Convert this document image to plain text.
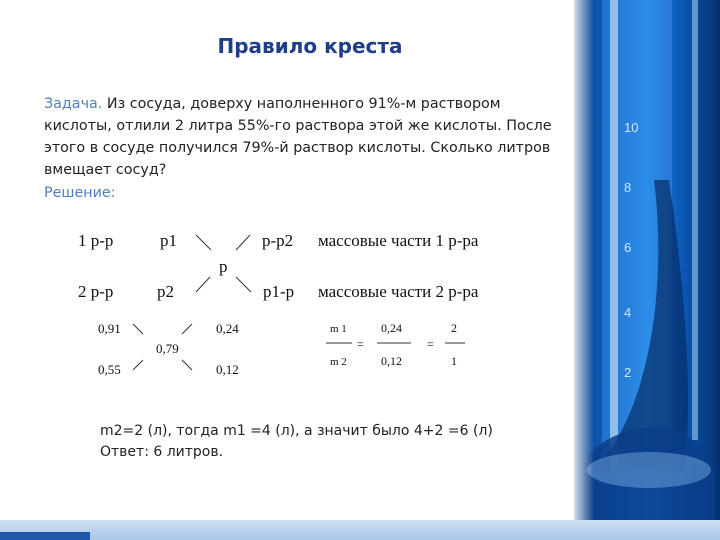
10
8
6
4
2
Правило креста

Задача. Из сосуда, доверху наполненного 91%-м раствором кислоты, отлили 2 литра 55%-го раствора этой же кислоты. После этого в сосуде получился 79%-й раствор кислоты. Сколько литров вмещает сосуд?

Решение:
1 р-р	p1	p-p2 массовые части 1 р-ра
p
2 р-р	p2	p1-p массовые части 2 р-ра
0,91	0,24
0,79
0,55	0,12
m 1
m 2
=
0,24
0,12
=
2
1

m2=2 (л), тогда m1 =4 (л), а значит было 4+2 =6 (л)
Ответ: 6 литров.
